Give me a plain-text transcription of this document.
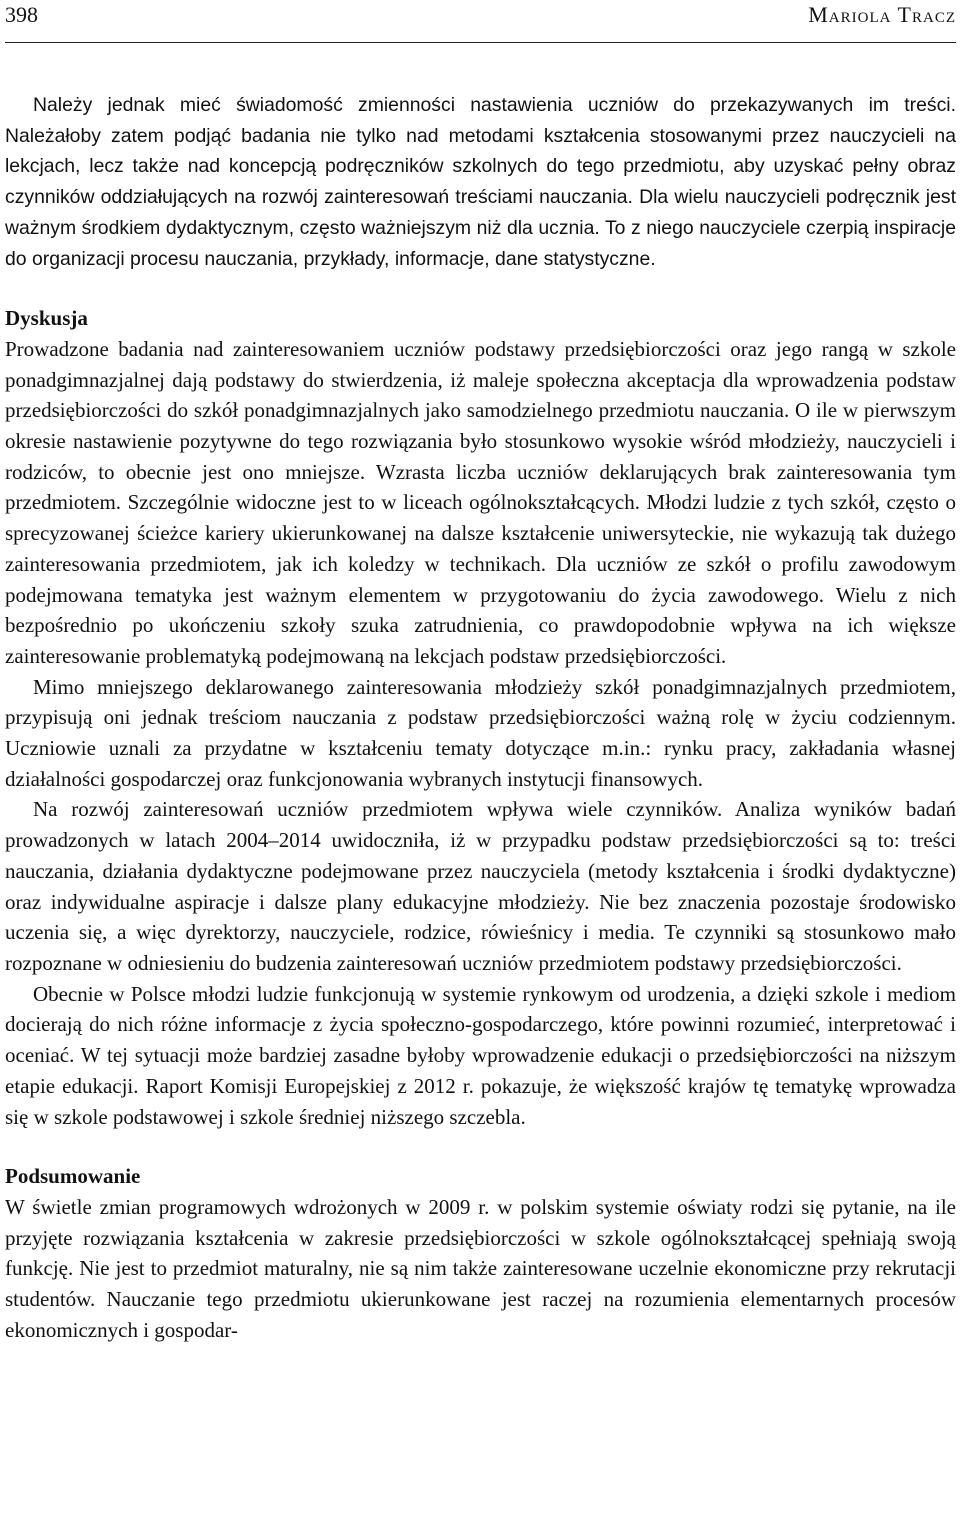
398	Mariola Tracz

Należy jednak mieć świadomość zmienności nastawienia uczniów do przekazywanych im treści. Należałoby zatem podjąć badania nie tylko nad metodami kształcenia stosowanymi przez nauczycieli na lekcjach, lecz także nad koncepcją podręczników szkolnych do tego przedmiotu, aby uzyskać pełny obraz czynników oddziałujących na rozwój zainteresowań treściami nauczania. Dla wielu nauczycieli podręcznik jest ważnym środkiem dydaktycznym, często ważniejszym niż dla ucznia. To z niego nauczyciele czerpią inspiracje do organizacji procesu nauczania, przykłady, informacje, dane statystyczne.

Dyskusja

Prowadzone badania nad zainteresowaniem uczniów podstawy przedsiębiorczości oraz jego rangą w szkole ponadgimnazjalnej dają podstawy do stwierdzenia, iż maleje społeczna akceptacja dla wprowadzenia podstaw przedsiębiorczości do szkół ponadgimnazjalnych jako samodzielnego przedmiotu nauczania. O ile w pierwszym okresie nastawienie pozytywne do tego rozwiązania było stosunkowo wysokie wśród młodzieży, nauczycieli i rodziców, to obecnie jest ono mniejsze. Wzrasta liczba uczniów deklarujących brak zainteresowania tym przedmiotem. Szczególnie widoczne jest to w liceach ogólnokształcących. Młodzi ludzie z tych szkół, często o sprecyzowanej ścieżce kariery ukierunkowanej na dalsze kształcenie uniwersyteckie, nie wykazują tak dużego zainteresowania przedmiotem, jak ich koledzy w technikach. Dla uczniów ze szkół o profilu zawodowym podejmowana tematyka jest ważnym elementem w przygotowaniu do życia zawodowego. Wielu z nich bezpośrednio po ukończeniu szkoły szuka zatrudnienia, co prawdopodobnie wpływa na ich większe zainteresowanie problematyką podejmowaną na lekcjach podstaw przedsiębiorczości.

Mimo mniejszego deklarowanego zainteresowania młodzieży szkół ponadgimnazjalnych przedmiotem, przypisują oni jednak treściom nauczania z podstaw przedsiębiorczości ważną rolę w życiu codziennym. Uczniowie uznali za przydatne w kształceniu tematy dotyczące m.in.: rynku pracy, zakładania własnej działalności gospodarczej oraz funkcjonowania wybranych instytucji finansowych.

Na rozwój zainteresowań uczniów przedmiotem wpływa wiele czynników. Analiza wyników badań prowadzonych w latach 2004–2014 uwidoczniła, iż w przypadku podstaw przedsiębiorczości są to: treści nauczania, działania dydaktyczne podejmowane przez nauczyciela (metody kształcenia i środki dydaktyczne) oraz indywidualne aspiracje i dalsze plany edukacyjne młodzieży. Nie bez znaczenia pozostaje środowisko uczenia się, a więc dyrektorzy, nauczyciele, rodzice, rówieśnicy i media. Te czynniki są stosunkowo mało rozpoznane w odniesieniu do budzenia zainteresowań uczniów przedmiotem podstawy przedsiębiorczości.

Obecnie w Polsce młodzi ludzie funkcjonują w systemie rynkowym od urodzenia, a dzięki szkole i mediom docierają do nich różne informacje z życia społeczno-gospodarczego, które powinni rozumieć, interpretować i oceniać. W tej sytuacji może bardziej zasadne byłoby wprowadzenie edukacji o przedsiębiorczości na niższym etapie edukacji. Raport Komisji Europejskiej z 2012 r. pokazuje, że większość krajów tę tematykę wprowadza się w szkole podstawowej i szkole średniej niższego szczebla.

Podsumowanie

W świetle zmian programowych wdrożonych w 2009 r. w polskim systemie oświaty rodzi się pytanie, na ile przyjęte rozwiązania kształcenia w zakresie przedsiębiorczości w szkole ogólnokształcącej spełniają swoją funkcję. Nie jest to przedmiot maturalny, nie są nim także zainteresowane uczelnie ekonomiczne przy rekrutacji studentów. Nauczanie tego przedmiotu ukierunkowane jest raczej na rozumienia elementarnych procesów ekonomicznych i gospodar-
